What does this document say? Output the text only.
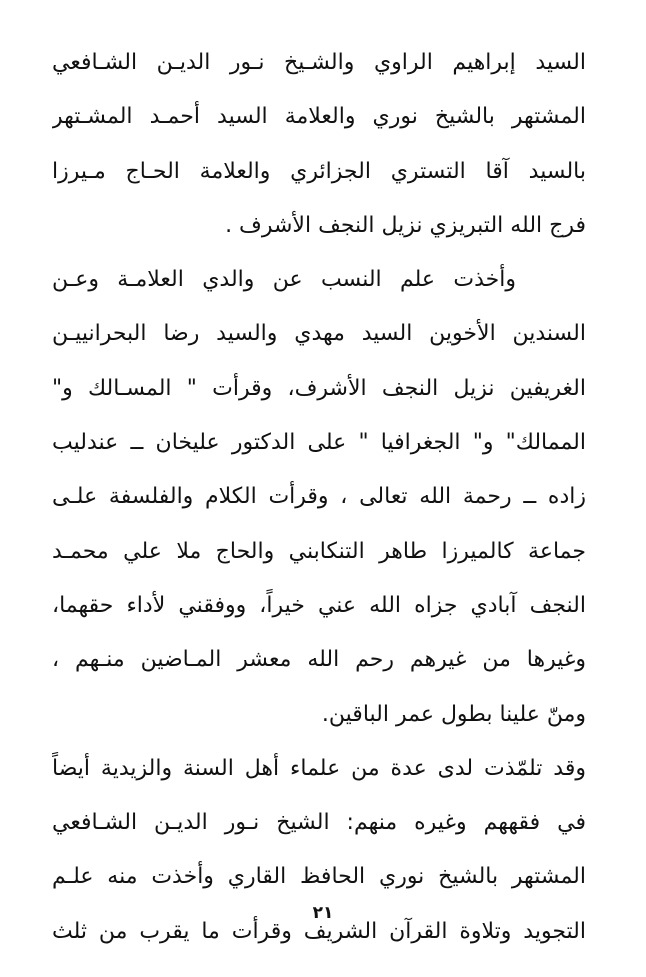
السيد إبراهيم الراوي والشـيخ نـور الديـن الشـافعي
المشتهر بالشيخ نوري والعلامة السيد أحمـد المشـتهر
بالسيد آقا التستري الجزائري والعلامة الحـاج مـيرزا
فرج الله التبريزي نزيل النجف الأشرف .
وأخذت علم النسب عن والدي العلامـة وعـن
السندين الأخوين السيد مهدي والسيد رضا البحرانييـن
الغريفين نزيل النجف الأشرف، وقرأت " المسـالك و"
الممالك" و" الجغرافيا " على الدكتور عليخان ــ عندليب
زاده ــ رحمة الله تعالى ، وقرأت الكلام والفلسفة علـى
جماعة كالميرزا طاهر التنكابني والحاج ملا علي محمـد
النجف آبادي جزاه الله عني خيراً، ووفقني لأداء حقهما،
وغيرها من غيرهم رحم الله معشر المـاضين منـهم ،
ومنّ علينا بطول عمر الباقين.
وقد تلمّذت لدى عدة من علماء أهل السنة والزيدية أيضاً
في فقههم وغيره منهم: الشيخ نـور الديـن الشـافعي
المشتهر بالشيخ نوري الحافظ القاري وأخذت منه علـم
التجويد وتلاوة القرآن الشريف وقرأت ما يقرب من ثلث
٢١
